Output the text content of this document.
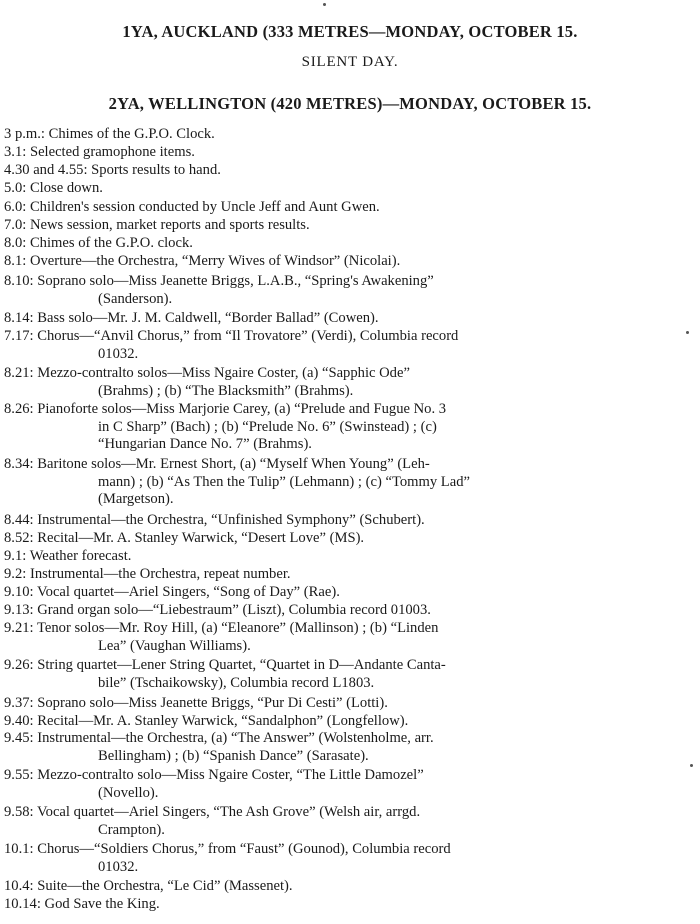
1YA, AUCKLAND (333 METRES—MONDAY, OCTOBER 15.
SILENT DAY.
2YA, WELLINGTON (420 METRES)—MONDAY, OCTOBER 15.
3 p.m.: Chimes of the G.P.O. Clock.
3.1: Selected gramophone items.
4.30 and 4.55: Sports results to hand.
5.0: Close down.
6.0: Children's session conducted by Uncle Jeff and Aunt Gwen.
7.0: News session, market reports and sports results.
8.0: Chimes of the G.P.O. clock.
8.1: Overture—the Orchestra, “Merry Wives of Windsor” (Nicolai).
8.10: Soprano solo—Miss Jeanette Briggs, L.A.B., “Spring's Awakening”
(Sanderson).
8.14: Bass solo—Mr. J. M. Caldwell, “Border Ballad” (Cowen).
7.17: Chorus—“Anvil Chorus,” from “Il Trovatore” (Verdi), Columbia record
01032.
8.21: Mezzo-contralto solos—Miss Ngaire Coster, (a) “Sapphic Ode”
(Brahms) ; (b) “The Blacksmith” (Brahms).
8.26: Pianoforte solos—Miss Marjorie Carey, (a) “Prelude and Fugue No. 3
in C Sharp” (Bach) ; (b) “Prelude No. 6” (Swinstead) ; (c)
“Hungarian Dance No. 7” (Brahms).
8.34: Baritone solos—Mr. Ernest Short, (a) “Myself When Young” (Leh-
mann) ; (b) “As Then the Tulip” (Lehmann) ; (c) “Tommy Lad”
(Margetson).
8.44: Instrumental—the Orchestra, “Unfinished Symphony” (Schubert).
8.52: Recital—Mr. A. Stanley Warwick, “Desert Love” (MS).
9.1: Weather forecast.
9.2: Instrumental—the Orchestra, repeat number.
9.10: Vocal quartet—Ariel Singers, “Song of Day” (Rae).
9.13: Grand organ solo—“Liebestraum” (Liszt), Columbia record 01003.
9.21: Tenor solos—Mr. Roy Hill, (a) “Eleanore” (Mallinson) ; (b) “Linden
Lea” (Vaughan Williams).
9.26: String quartet—Lener String Quartet, “Quartet in D—Andante Canta-
bile” (Tschaikowsky), Columbia record L1803.
9.37: Soprano solo—Miss Jeanette Briggs, “Pur Di Cesti” (Lotti).
9.40: Recital—Mr. A. Stanley Warwick, “Sandalphon” (Longfellow).
9.45: Instrumental—the Orchestra, (a) “The Answer” (Wolstenholme, arr.
Bellingham) ; (b) “Spanish Dance” (Sarasate).
9.55: Mezzo-contralto solo—Miss Ngaire Coster, “The Little Damozel”
(Novello).
9.58: Vocal quartet—Ariel Singers, “The Ash Grove” (Welsh air, arrgd.
Crampton).
10.1: Chorus—“Soldiers Chorus,” from “Faust” (Gounod), Columbia record
01032.
10.4: Suite—the Orchestra, “Le Cid” (Massenet).
10.14: God Save the King.
